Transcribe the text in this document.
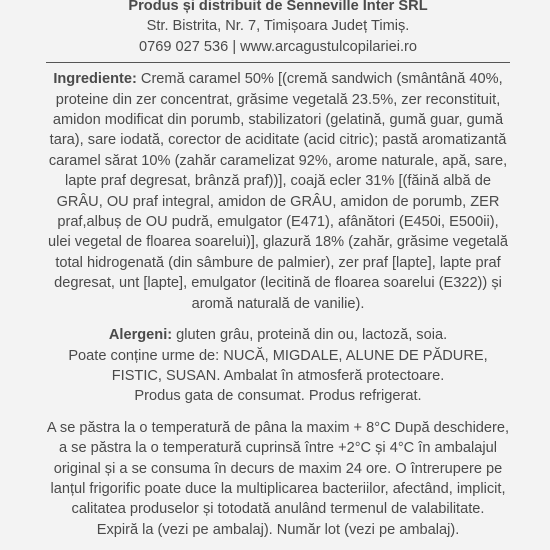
Produs și distribuit de Senneville Inter SRL
Str. Bistrita, Nr. 7, Timișoara Județ Timiș.
0769 027 536 | www.arcagustulcopilariei.ro
Ingrediente: Cremă caramel 50% [(cremă sandwich (smântână 40%, proteine din zer concentrat, grăsime vegetală 23.5%, zer reconstituit, amidon modificat din porumb, stabilizatori (gelatină, gumă guar, gumă tara), sare iodată, corector de aciditate (acid citric); pastă aromatizantă caramel sărat 10% (zahăr caramelizat 92%, arome naturale, apă, sare, lapte praf degresat, brânză praf))], coajă ecler 31% [(făină albă de GRÂU, OU praf integral, amidon de GRÂU, amidon de porumb, ZER praf,albuș de OU pudră, emulgator (E471), afânători (E450i, E500ii), ulei vegetal de floarea soarelui)], glazură 18% (zahăr, grăsime vegetală total hidrogenată (din sâmbure de palmier), zer praf [lapte], lapte praf degresat, unt [lapte], emulgator (lecitină de floarea soarelui (E322)) și aromă naturală de vanilie).
Alergeni: gluten grâu, proteină din ou, lactoză, soia.
Poate conține urme de: NUCĂ, MIGDALE, ALUNE DE PĂDURE, FISTIC, SUSAN. Ambalat în atmosferă protectoare.
Produs gata de consumat. Produs refrigerat.
A se păstra la o temperatură de pâna la maxim + 8°C După deschidere, a se păstra la o temperatură cuprinsă între +2°C și 4°C în ambalajul original și a se consuma în decurs de maxim 24 ore. O întrerupere pe lanțul frigorific poate duce la multiplicarea bacteriilor, afectând, implicit, calitatea produselor și totodată anulând termenul de valabilitate.
Expiră la (vezi pe ambalaj). Număr lot (vezi pe ambalaj).
